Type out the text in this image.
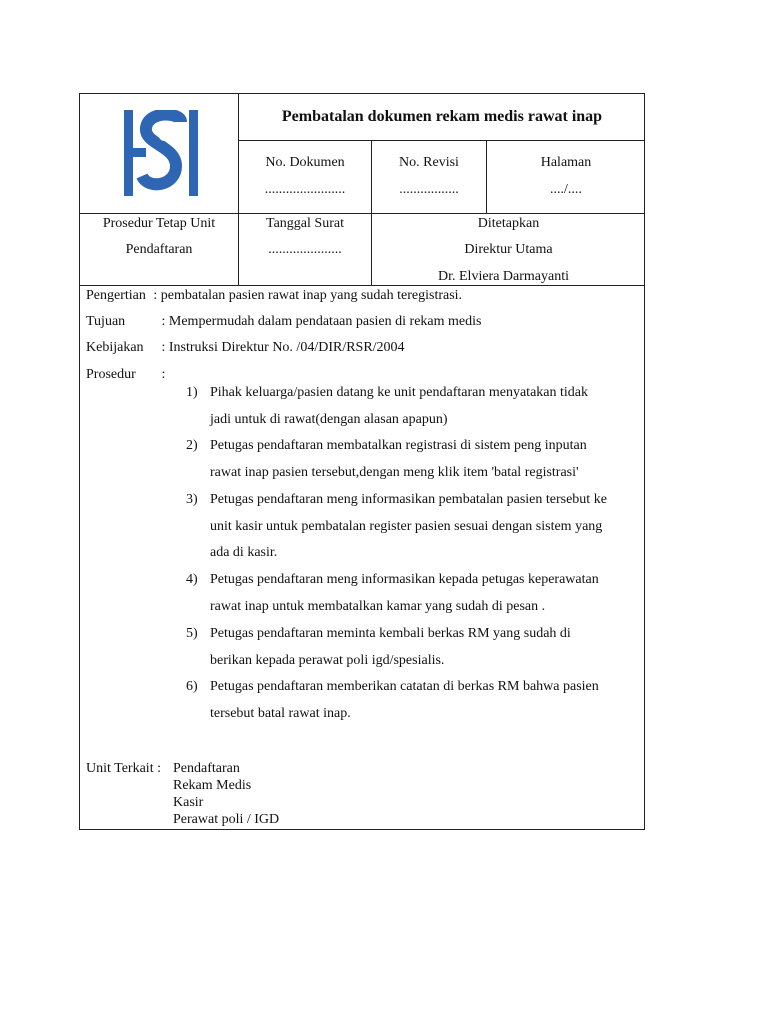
Pembatalan dokumen rekam medis rawat inap
No. Dokumen
.......................
No. Revisi
.................
Halaman
..../....
Prosedur Tetap Unit
Pendaftaran
Tanggal Surat
.....................
Ditetapkan
Direktur Utama
Dr. Elviera Darmayanti
Pengertian : pembatalan pasien rawat inap yang sudah teregistrasi.
Tujuan	: Mempermudah dalam pendataan pasien di rekam medis
Kebijakan : Instruksi Direktur No. /04/DIR/RSR/2004
Prosedur :
1) Pihak keluarga/pasien datang ke unit pendaftaran menyatakan tidak
jadi untuk di rawat(dengan alasan apapun)
2) Petugas pendaftaran membatalkan registrasi di sistem peng inputan
rawat inap pasien tersebut,dengan meng klik item 'batal registrasi'
3) Petugas pendaftaran meng informasikan pembatalan pasien tersebut ke
unit kasir untuk pembatalan register pasien sesuai dengan sistem yang
ada di kasir.
4) Petugas pendaftaran meng informasikan kepada petugas keperawatan
rawat inap untuk membatalkan kamar yang sudah di pesan .
5) Petugas pendaftaran meminta kembali berkas RM yang sudah di
berikan kepada perawat poli igd/spesialis.
6) Petugas pendaftaran memberikan catatan di berkas RM bahwa pasien
tersebut batal rawat inap.
Unit Terkait : Pendaftaran
Rekam Medis
Kasir
Perawat poli / IGD
